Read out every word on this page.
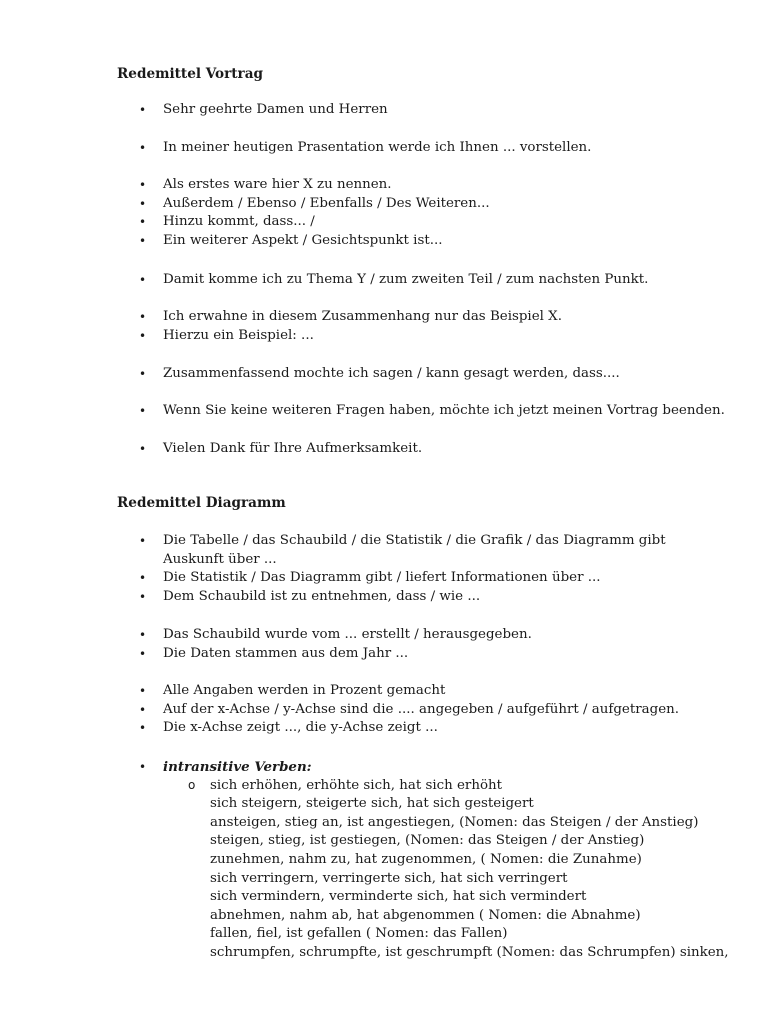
Redemittel Vortrag
• Sehr geehrte Damen und Herren
• In meiner heutigen Prasentation werde ich Ihnen ... vorstellen.
• Als erstes ware hier X zu nennen.
• Außerdem / Ebenso / Ebenfalls / Des Weiteren...
• Hinzu kommt, dass... /
• Ein weiterer Aspekt / Gesichtspunkt ist...
• Damit komme ich zu Thema Y / zum zweiten Teil / zum nachsten Punkt.
• Ich erwahne in diesem Zusammenhang nur das Beispiel X.
• Hierzu ein Beispiel: ...
• Zusammenfassend mochte ich sagen / kann gesagt werden, dass....
• Wenn Sie keine weiteren Fragen haben, möchte ich jetzt meinen Vortrag beenden.
• Vielen Dank für Ihre Aufmerksamkeit.
Redemittel Diagramm
• Die Tabelle / das Schaubild / die Statistik / die Grafik / das Diagramm gibt Auskunft über ...
• Die Statistik / Das Diagramm gibt / liefert Informationen über ...
• Dem Schaubild ist zu entnehmen, dass / wie ...
• Das Schaubild wurde vom ... erstellt / herausgegeben.
• Die Daten stammen aus dem Jahr ...
• Alle Angaben werden in Prozent gemacht
• Auf der x-Achse / y-Achse sind die .... angegeben / aufgeführt / aufgetragen.
• Die x-Achse zeigt ..., die y-Achse zeigt ...
• intransitive Verben:
o sich erhöhen, erhöhte sich, hat sich erhöht
sich steigern, steigerte sich, hat sich gesteigert
ansteigen, stieg an, ist angestiegen, (Nomen: das Steigen / der Anstieg)
steigen, stieg, ist gestiegen, (Nomen: das Steigen / der Anstieg)
zunehmen, nahm zu, hat zugenommen, ( Nomen: die Zunahme)
sich verringern, verringerte sich, hat sich verringert
sich vermindern, verminderte sich, hat sich vermindert
abnehmen, nahm ab, hat abgenommen ( Nomen: die Abnahme)
fallen, fiel, ist gefallen ( Nomen: das Fallen)
schrumpfen, schrumpfte, ist geschrumpft (Nomen: das Schrumpfen) sinken,
